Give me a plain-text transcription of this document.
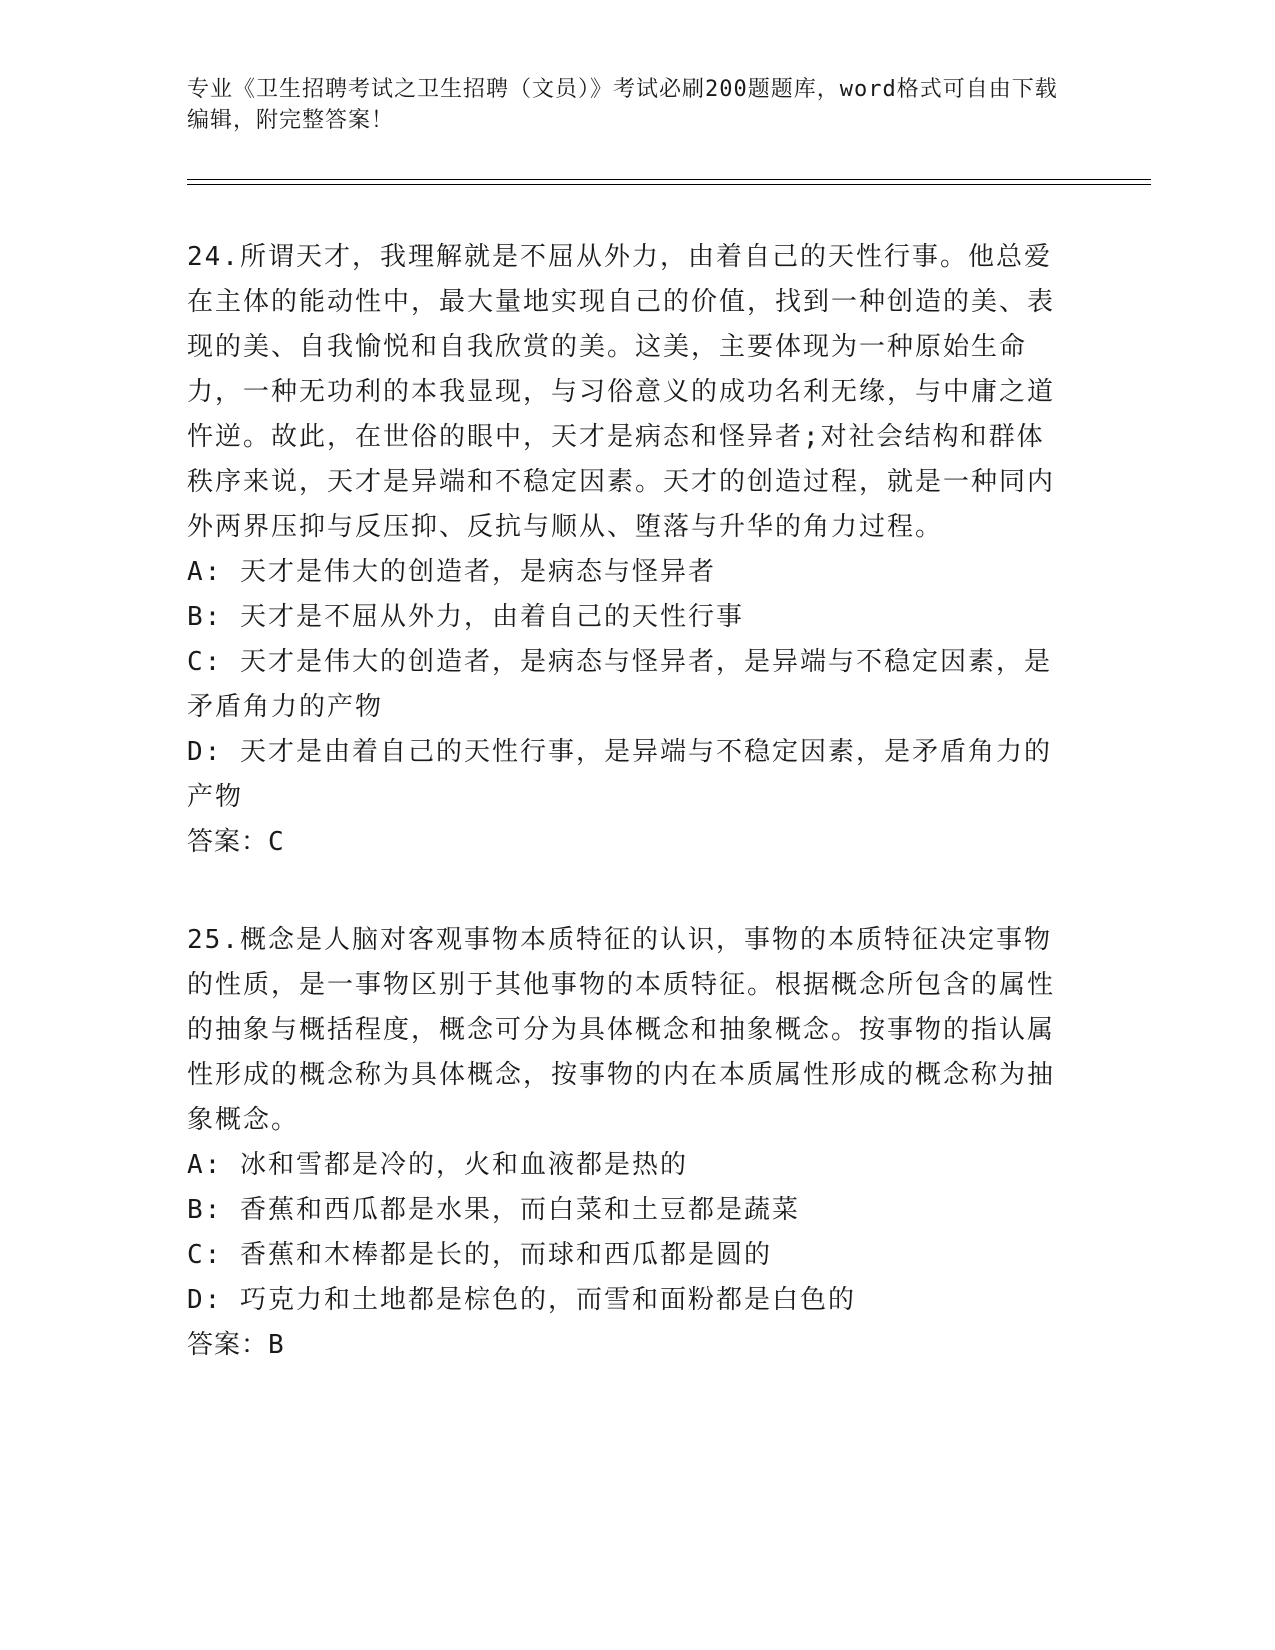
专业《卫生招聘考试之卫生招聘（文员）》考试必刷200题题库，word格式可自由下载编辑，附完整答案！

24.所谓天才，我理解就是不屈从外力，由着自己的天性行事。他总爱在主体的能动性中，最大量地实现自己的价值，找到一种创造的美、表现的美、自我愉悦和自我欣赏的美。这美，主要体现为一种原始生命力，一种无功利的本我显现，与习俗意义的成功名利无缘，与中庸之道忤逆。故此，在世俗的眼中，天才是病态和怪异者;对社会结构和群体秩序来说，天才是异端和不稳定因素。天才的创造过程，就是一种同内外两界压抑与反压抑、反抗与顺从、堕落与升华的角力过程。

A: 天才是伟大的创造者，是病态与怪异者

B: 天才是不屈从外力，由着自己的天性行事

C: 天才是伟大的创造者，是病态与怪异者，是异端与不稳定因素，是矛盾角力的产物

D: 天才是由着自己的天性行事，是异端与不稳定因素，是矛盾角力的产物

答案：C

25.概念是人脑对客观事物本质特征的认识，事物的本质特征决定事物的性质，是一事物区别于其他事物的本质特征。根据概念所包含的属性的抽象与概括程度，概念可分为具体概念和抽象概念。按事物的指认属性形成的概念称为具体概念，按事物的内在本质属性形成的概念称为抽象概念。

A: 冰和雪都是冷的，火和血液都是热的

B: 香蕉和西瓜都是水果，而白菜和土豆都是蔬菜

C: 香蕉和木棒都是长的，而球和西瓜都是圆的

D: 巧克力和土地都是棕色的，而雪和面粉都是白色的

答案：B
